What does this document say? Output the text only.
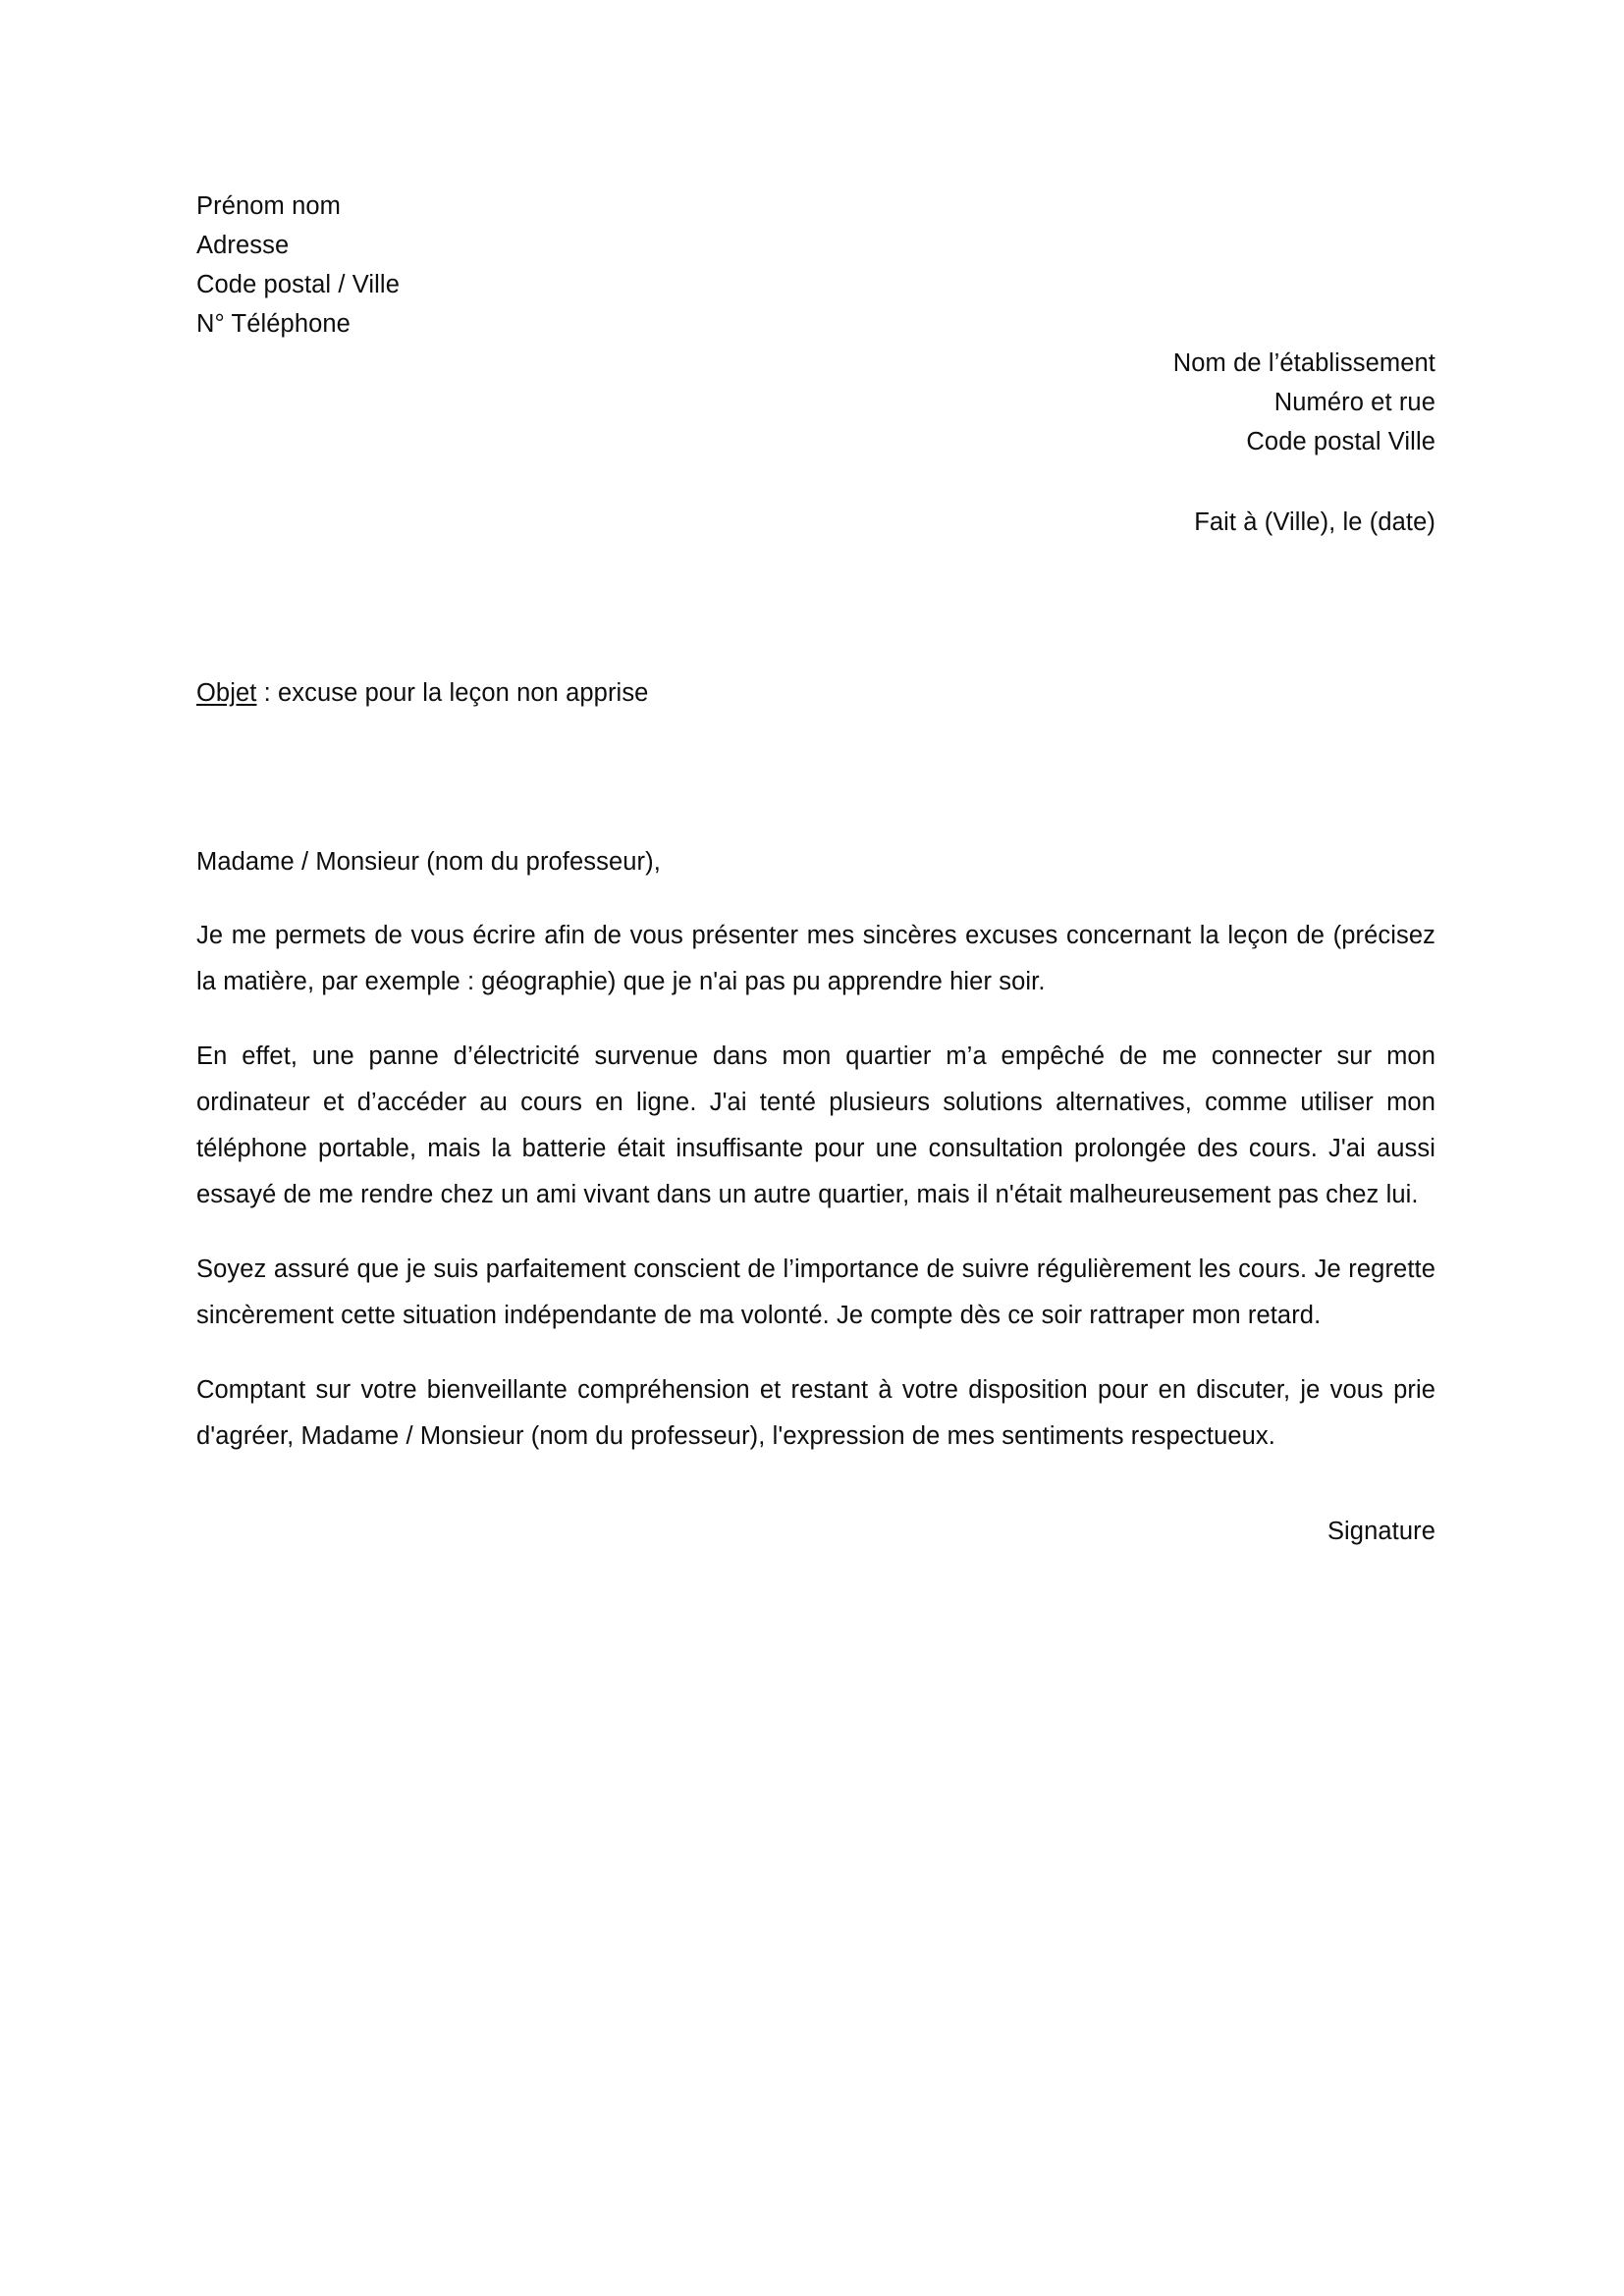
Prénom nom
Adresse
Code postal / Ville
N° Téléphone
Nom de l’établissement
Numéro et rue
Code postal Ville
Fait à (Ville), le (date)
Objet : excuse pour la leçon non apprise
Madame / Monsieur (nom du professeur),

Je me permets de vous écrire afin de vous présenter mes sincères excuses concernant la leçon de (précisez la matière, par exemple : géographie) que je n'ai pas pu apprendre hier soir.

En effet, une panne d’électricité survenue dans mon quartier m’a empêché de me connecter sur mon ordinateur et d’accéder au cours en ligne. J'ai tenté plusieurs solutions alternatives, comme utiliser mon téléphone portable, mais la batterie était insuffisante pour une consultation prolongée des cours. J'ai aussi essayé de me rendre chez un ami vivant dans un autre quartier, mais il n'était malheureusement pas chez lui.

Soyez assuré que je suis parfaitement conscient de l’importance de suivre régulièrement les cours. Je regrette sincèrement cette situation indépendante de ma volonté. Je compte dès ce soir rattraper mon retard.

Comptant sur votre bienveillante compréhension et restant à votre disposition pour en discuter, je vous prie d'agréer, Madame / Monsieur (nom du professeur), l'expression de mes sentiments respectueux.

Signature
